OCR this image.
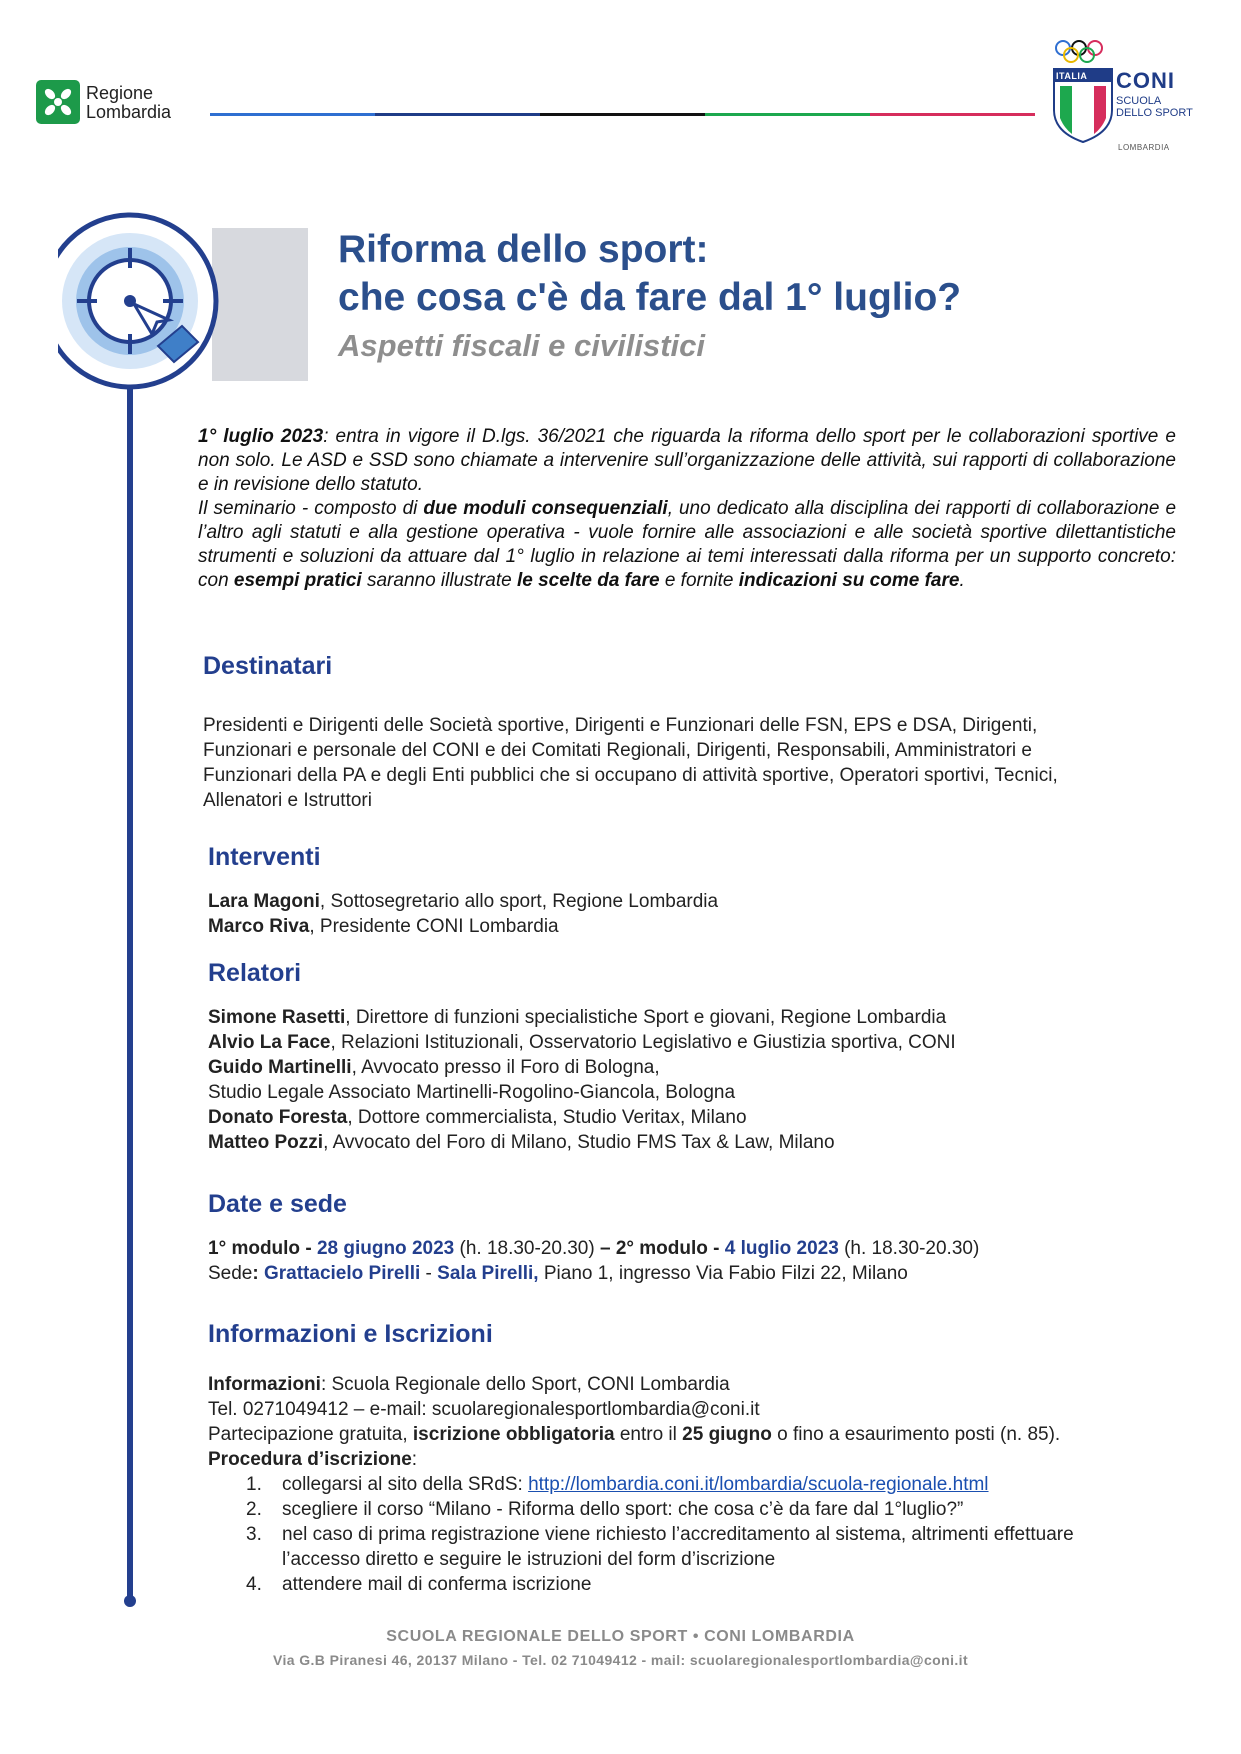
Regione
Lombardia
ITALIA CONI
SCUOLA
DELLO SPORT
LOMBARDIA
Riforma dello sport:
che cosa c'è da fare dal 1° luglio?
Aspetti fiscali e civilistici

1° luglio 2023: entra in vigore il D.lgs. 36/2021 che riguarda la riforma dello sport per le collaborazioni sportive e non solo. Le ASD e SSD sono chiamate a intervenire sull’organizzazione delle attività, sui rapporti di collaborazione e in revisione dello statuto.

Il seminario - composto di due moduli consequenziali, uno dedicato alla disciplina dei rapporti di collaborazione e l’altro agli statuti e alla gestione operativa - vuole fornire alle associazioni e alle società sportive dilettantistiche strumenti e soluzioni da attuare dal 1° luglio in relazione ai temi interessati dalla riforma per un supporto concreto: con esempi pratici saranno illustrate le scelte da fare e fornite indicazioni su come fare.

Destinatari
Presidenti e Dirigenti delle Società sportive, Dirigenti e Funzionari delle FSN, EPS e DSA, Dirigenti, Funzionari e personale del CONI e dei Comitati Regionali, Dirigenti, Responsabili, Amministratori e Funzionari della PA e degli Enti pubblici che si occupano di attività sportive, Operatori sportivi, Tecnici, Allenatori e Istruttori
Interventi

Lara Magoni, Sottosegretario allo sport, Regione Lombardia

Marco Riva, Presidente CONI Lombardia

Relatori

Simone Rasetti, Direttore di funzioni specialistiche Sport e giovani, Regione Lombardia

Alvio La Face, Relazioni Istituzionali, Osservatorio Legislativo e Giustizia sportiva, CONI

Guido Martinelli, Avvocato presso il Foro di Bologna,

Studio Legale Associato Martinelli-Rogolino-Giancola, Bologna

Donato Foresta, Dottore commercialista, Studio Veritax, Milano

Matteo Pozzi, Avvocato del Foro di Milano, Studio FMS Tax & Law, Milano

Date e sede

1° modulo - 28 giugno 2023 (h. 18.30-20.30) – 2° modulo - 4 luglio 2023 (h. 18.30-20.30)

Sede: Grattacielo Pirelli - Sala Pirelli, Piano 1, ingresso Via Fabio Filzi 22, Milano

Informazioni e Iscrizioni

Informazioni: Scuola Regionale dello Sport, CONI Lombardia

Tel. 0271049412 – e-mail: scuolaregionalesportlombardia@coni.it

Partecipazione gratuita, iscrizione obbligatoria entro il 25 giugno o fino a esaurimento posti (n. 85). Procedura d’iscrizione:

1. collegarsi al sito della SRdS: http://lombardia.coni.it/lombardia/scuola-regionale.html
2. scegliere il corso “Milano - Riforma dello sport: che cosa c’è da fare dal 1°luglio?”
3. nel caso di prima registrazione viene richiesto l’accreditamento al sistema, altrimenti effettuare l’accesso diretto e seguire le istruzioni del form d’iscrizione
4. attendere mail di conferma iscrizione
SCUOLA REGIONALE DELLO SPORT • CONI LOMBARDIA
Via G.B Piranesi 46, 20137 Milano - Tel. 02 71049412 - mail: scuolaregionalesportlombardia@coni.it
